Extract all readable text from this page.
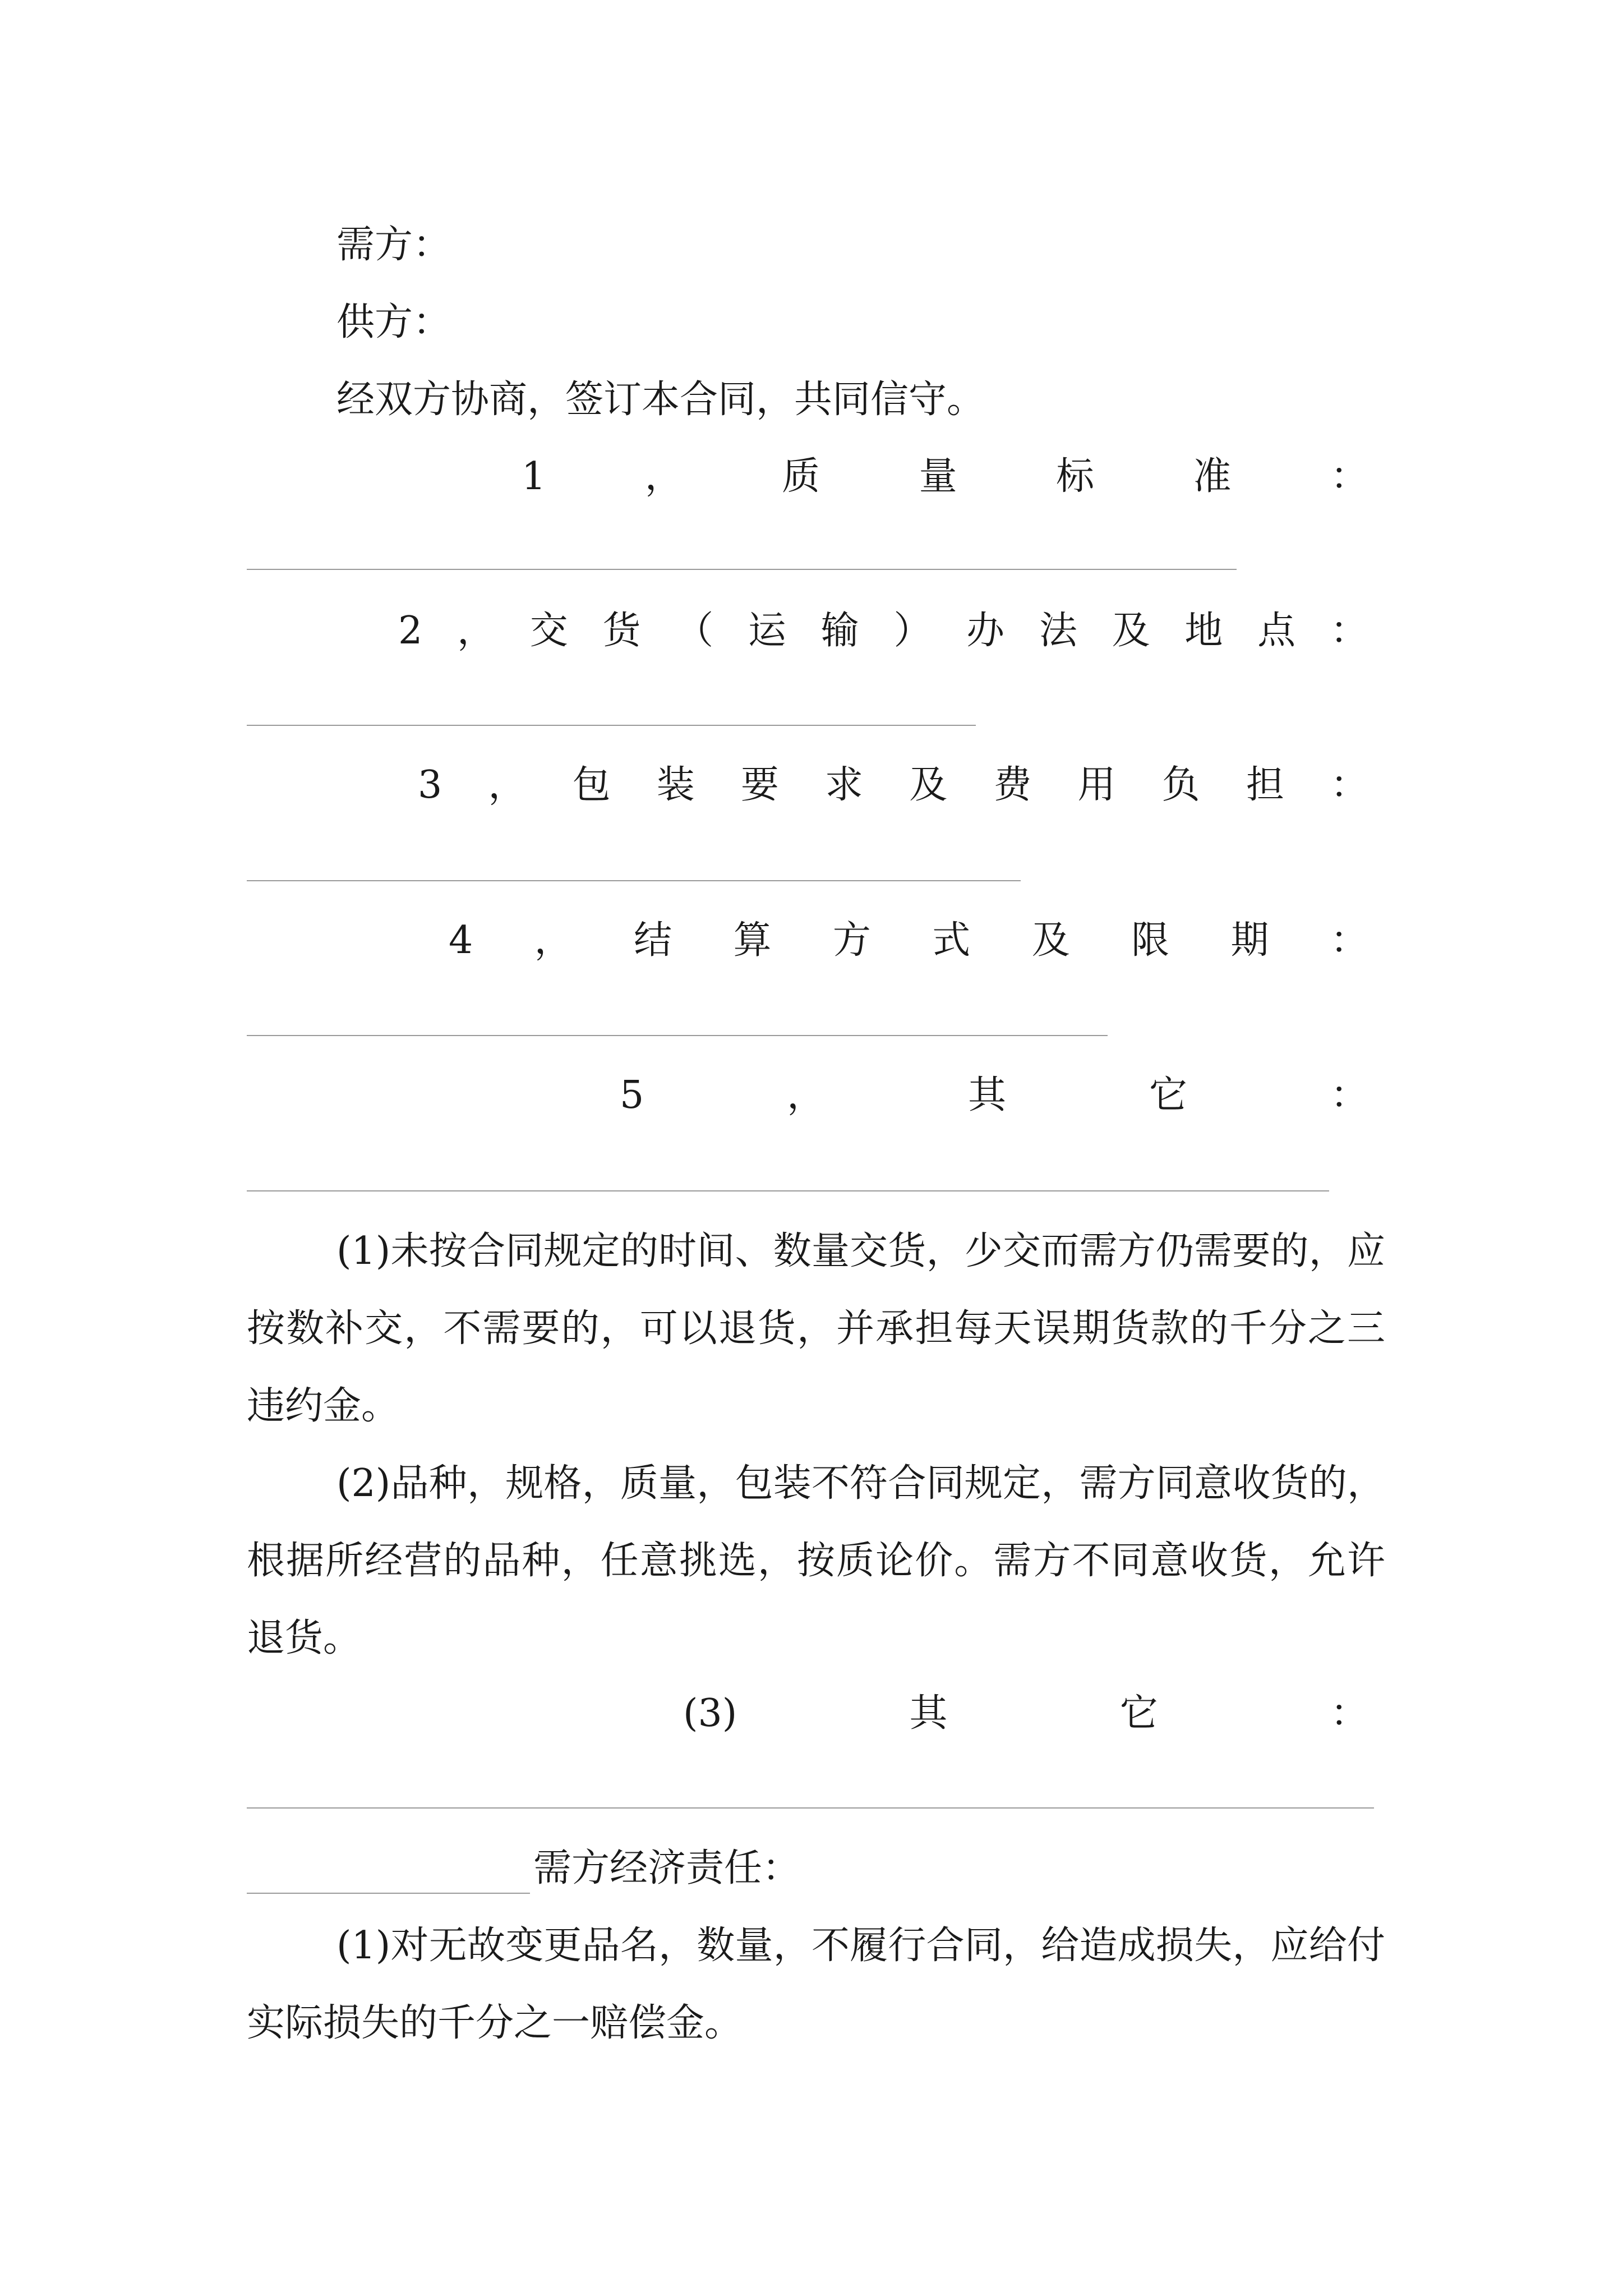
需方：
供方：
经双方协商，签订本合同，共同信守。
1	，	质	量	标	准	：
2 ， 交 货 （ 运 输 ） 办 法 及 地 点 ：
3 ， 包 装 要 求 及 费 用 负 担 ：
4 ， 结 算 方 式 及 限 期 ：
5	，	其	它	：
(1)未按合同规定的时间、数量交货，少交而需方仍需要的，应按数补交，不需要的，可以退货，并承担每天误期货款的千分之三违约金。
(2)品种，规格，质量，包装不符合同规定，需方同意收货的，根据所经营的品种，任意挑选，按质论价。需方不同意收货，允许退货。
(3)	其	它	：
需方经济责任：
(1)对无故变更品名，数量，不履行合同，给造成损失，应给付实际损失的千分之一赔偿金。
